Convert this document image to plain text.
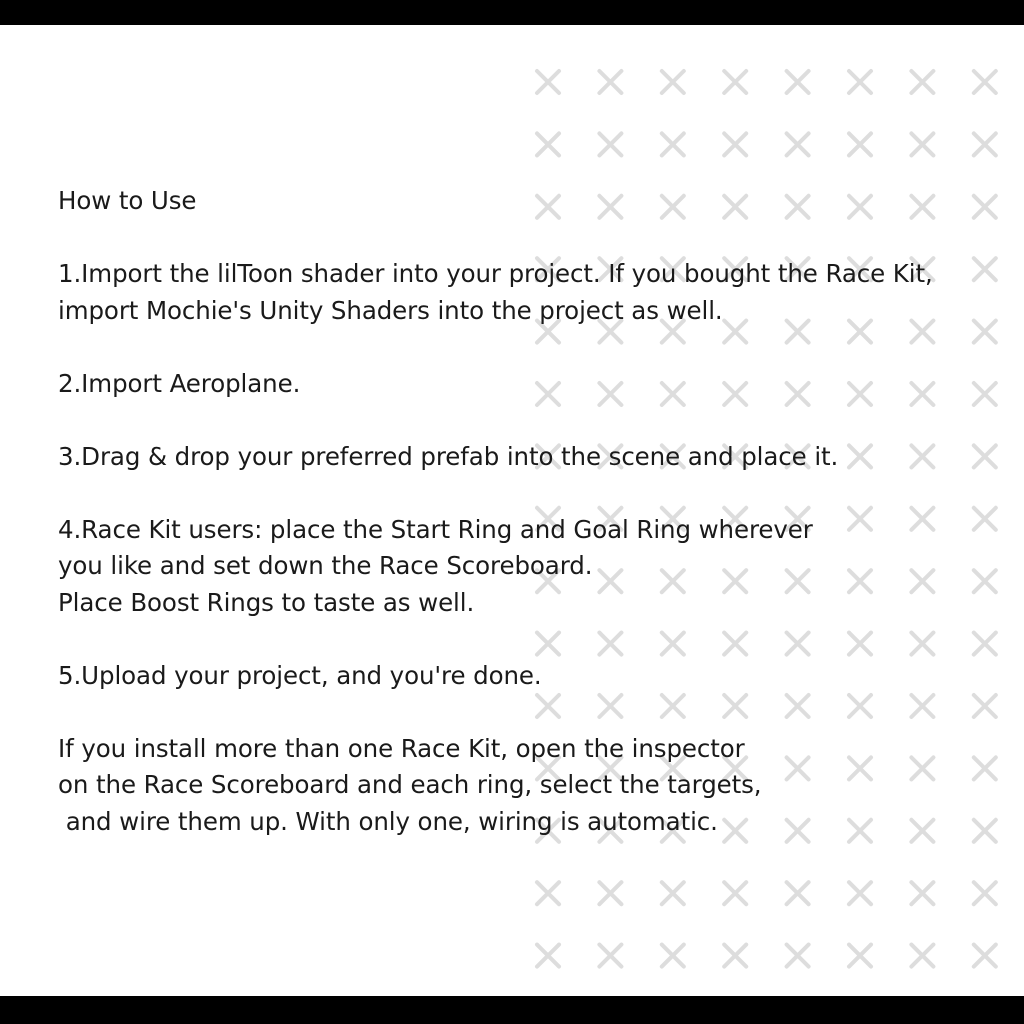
How to Use
1.Import the lilToon shader into your project. If you bought the Race Kit,
import Mochie's Unity Shaders into the project as well.
2.Import Aeroplane.
3.Drag & drop your preferred prefab into the scene and place it.
4.Race Kit users: place the Start Ring and Goal Ring wherever
you like and set down the Race Scoreboard.
Place Boost Rings to taste as well.
5.Upload your project, and you're done.
If you install more than one Race Kit, open the inspector
on the Race Scoreboard and each ring, select the targets,
and wire them up. With only one, wiring is automatic.
